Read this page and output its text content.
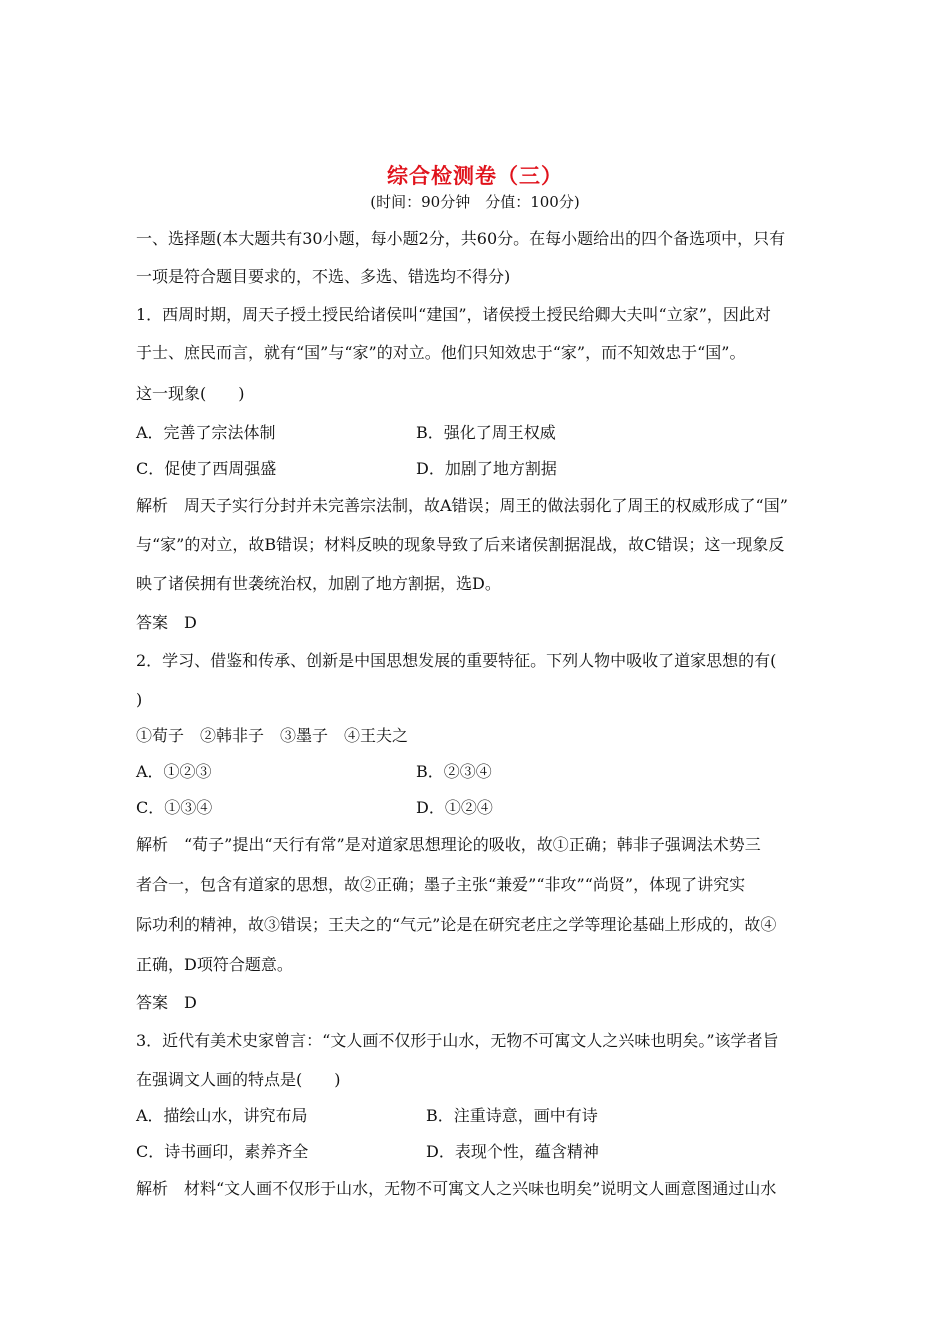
综合检测卷（三）
(时间：90分钟　分值：100分)
一、选择题(本大题共有30小题，每小题2分，共60分。在每小题给出的四个备选项中，只有
一项是符合题目要求的，不选、多选、错选均不得分)
1．西周时期，周天子授土授民给诸侯叫“建国”，诸侯授土授民给卿大夫叫“立家”，因此对
于士、庶民而言，就有“国”与“家”的对立。他们只知效忠于“家”，而不知效忠于“国”。
这一现象(　　)
A．完善了宗法体制	B．强化了周王权威
C．促使了西周强盛	D．加剧了地方割据
解析　周天子实行分封并未完善宗法制，故A错误；周王的做法弱化了周王的权威形成了“国”
与“家”的对立，故B错误；材料反映的现象导致了后来诸侯割据混战，故C错误；这一现象反
映了诸侯拥有世袭统治权，加剧了地方割据，选D。
答案　D
2．学习、借鉴和传承、创新是中国思想发展的重要特征。下列人物中吸收了道家思想的有(
)
①荀子　②韩非子　③墨子　④王夫之
A．①②③	B．②③④
C．①③④	D．①②④
解析　“荀子”提出“天行有常”是对道家思想理论的吸收，故①正确；韩非子强调法术势三
者合一，包含有道家的思想，故②正确；墨子主张“兼爱”“非攻”“尚贤”，体现了讲究实
际功利的精神，故③错误；王夫之的“气元”论是在研究老庄之学等理论基础上形成的，故④
正确，D项符合题意。
答案　D
3．近代有美术史家曾言：“文人画不仅形于山水，无物不可寓文人之兴味也明矣。”该学者旨
在强调文人画的特点是(　　)
A．描绘山水，讲究布局	B．注重诗意，画中有诗
C．诗书画印，素养齐全	D．表现个性，蕴含精神
解析　材料“文人画不仅形于山水，无物不可寓文人之兴味也明矣”说明文人画意图通过山水
